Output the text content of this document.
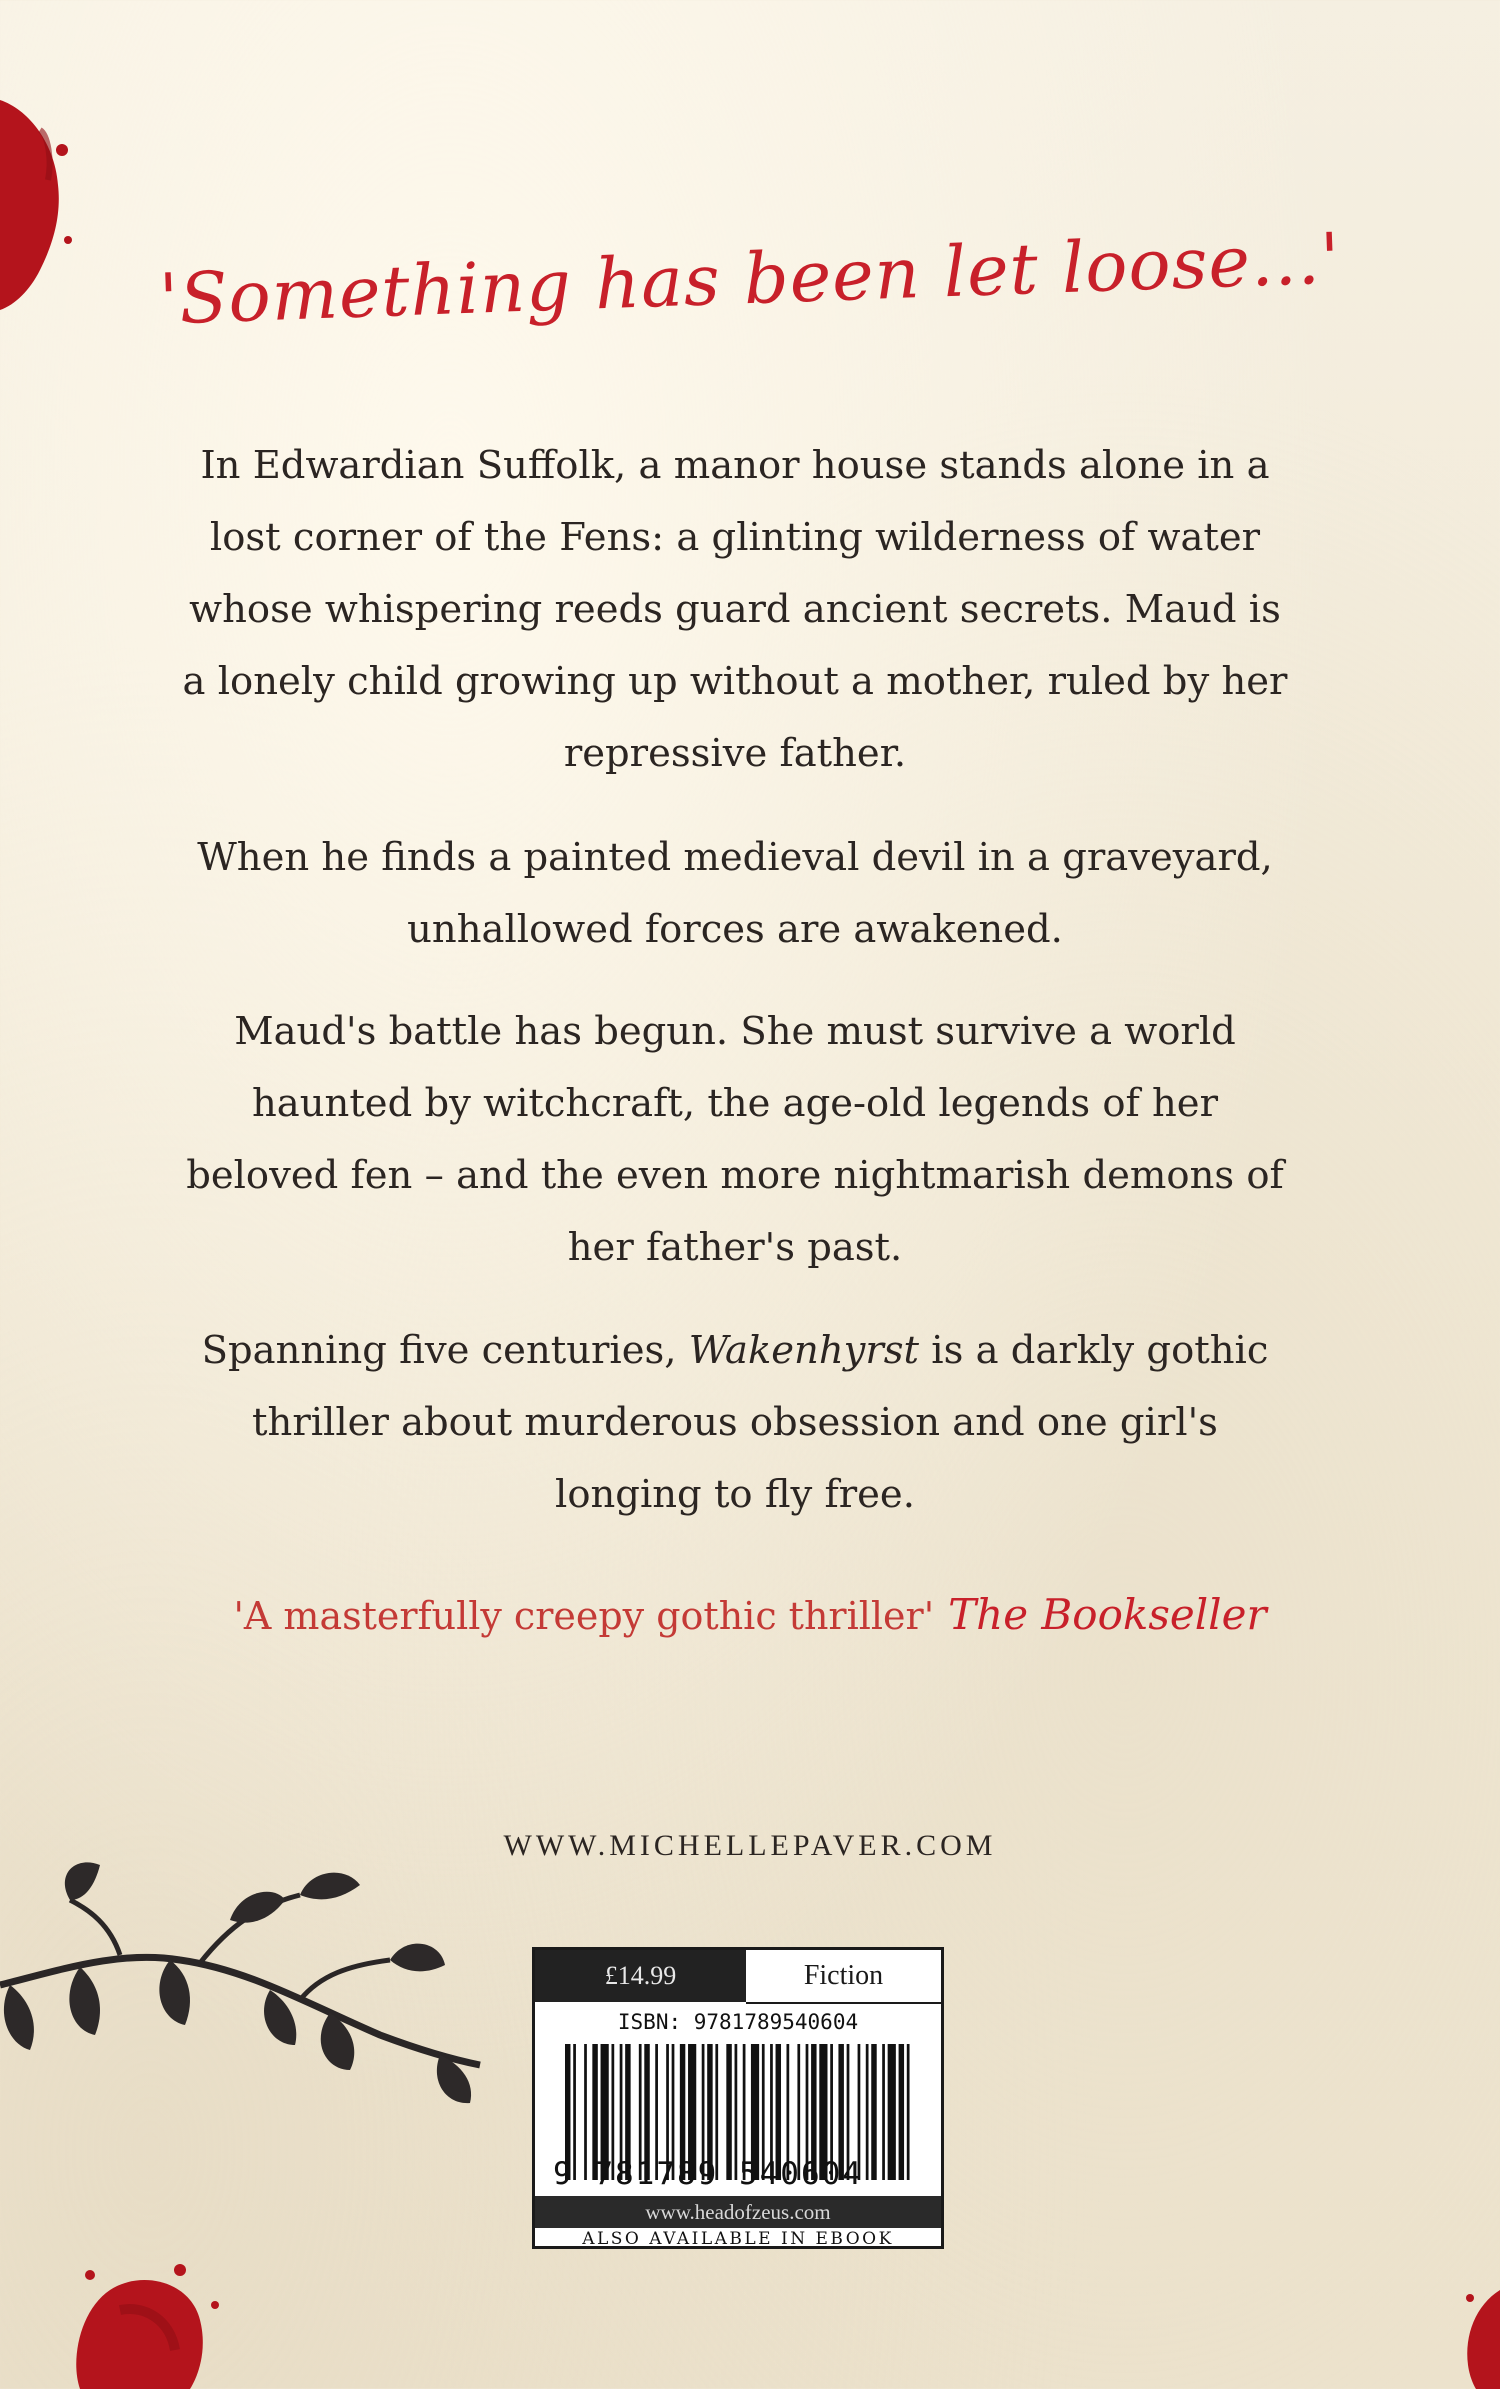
'Something has been let loose...'

In Edwardian Suffolk, a manor house stands alone in a lost corner of the Fens: a glinting wilderness of water whose whispering reeds guard ancient secrets. Maud is a lonely child growing up without a mother, ruled by her repressive father.

When he finds a painted medieval devil in a graveyard, unhallowed forces are awakened.

Maud's battle has begun. She must survive a world haunted by witchcraft, the age-old legends of her beloved fen – and the even more nightmarish demons of her father's past.

Spanning five centuries, Wakenhyrst is a darkly gothic thriller about murderous obsession and one girl's longing to fly free.

'A masterfully creepy gothic thriller' The Bookseller
WWW.MICHELLEPAVER.COM
£14.99	Fiction
ISBN: 9781789540604
9 781789 540604
www.headofzeus.com
ALSO AVAILABLE IN EBOOK
